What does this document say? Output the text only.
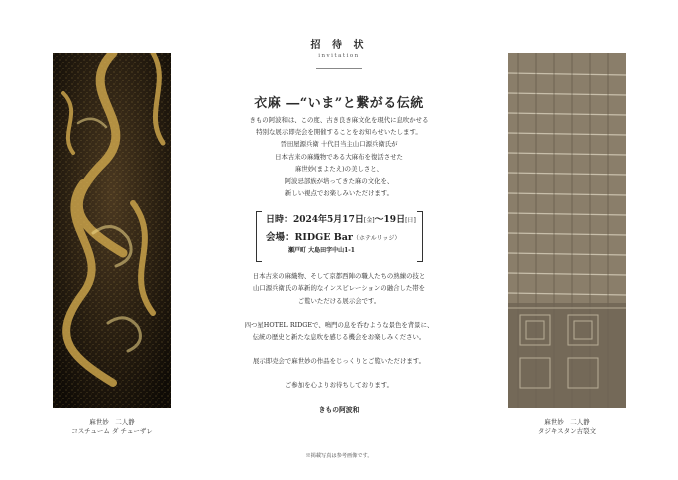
麻世妙　二人静
コスチューム ダ チューザレ
麻世妙　二人静
タジキスタン古裂文
招 待 状
invitation
衣麻 ―“いま”と繋がる伝統
きもの阿波和は、この度、古き良き麻文化を現代に息吹かせる
特別な展示即売会を開催することをお知らせいたします。
晉田屋源兵衛 十代目当主山口源兵衛氏が
日本古来の麻織物である大麻布を復活させた
麻世妙(まよたえ)の美しさと、
阿波忌部族が培ってきた麻の文化を、
新しい視点でお楽しみいただけます。
日時：2024年5月17日[金]～19日[日]
会場：RIDGE Bar（ホテルリッジ）
瀬戸町 大島田字中山1-1
日本古来の麻織物、そして京都西陣の職人たちの熟練の技と
山口源兵衛氏の革新的なインスピレーションの融合した帯を
ご覧いただける展示会です。
四つ星HOTEL RIDGEで、鳴門の息を呑むような景色を背景に、
伝統の歴史と新たな息吹を感じる機会をお楽しみください。
展示即売会で麻世妙の作品をじっくりとご覧いただけます。
ご参加を心よりお待ちしております。
きもの阿波和
※掲載写真は参考画像です。
